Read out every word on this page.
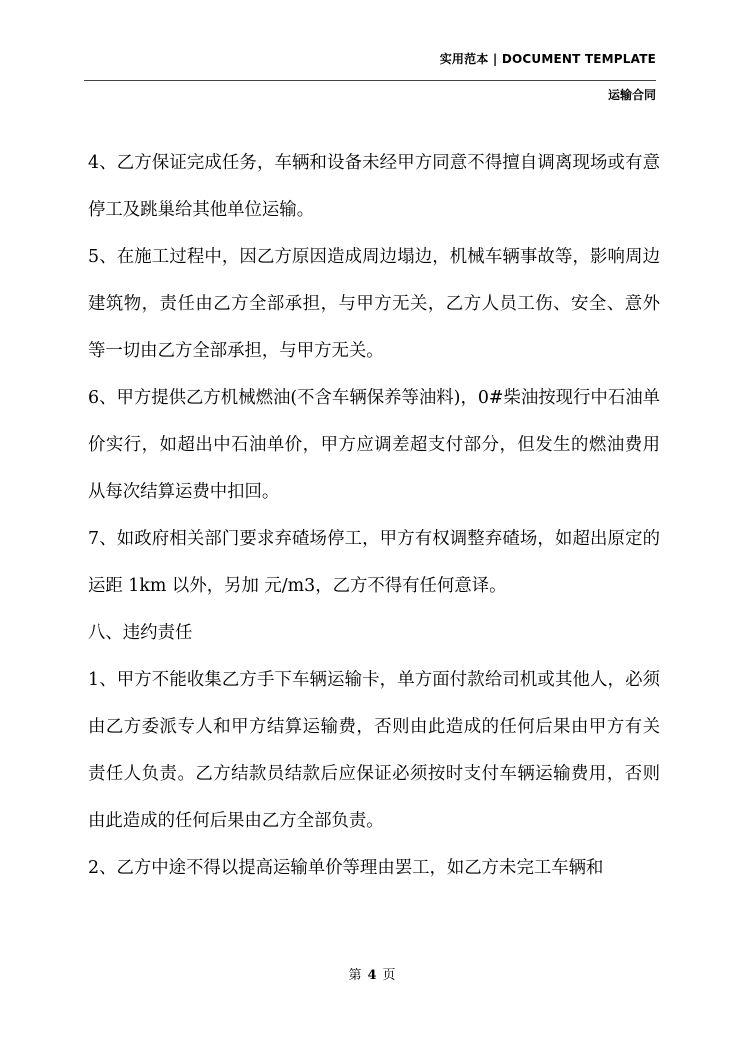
实用范本 | DOCUMENT TEMPLATE
运输合同

4、乙方保证完成任务，车辆和设备未经甲方同意不得擅自调离现场或有意停工及跳巢给其他单位运输。

5、在施工过程中，因乙方原因造成周边塌边，机械车辆事故等，影响周边建筑物，责任由乙方全部承担，与甲方无关，乙方人员工伤、安全、意外等一切由乙方全部承担，与甲方无关。

6、甲方提供乙方机械燃油(不含车辆保养等油料)，0#柴油按现行中石油单价实行，如超出中石油单价，甲方应调差超支付部分，但发生的燃油费用从每次结算运费中扣回。

7、如政府相关部门要求弃碴场停工，甲方有权调整弃碴场，如超出原定的运距 1km 以外，另加 元/m3，乙方不得有任何意译。

八、违约责任

1、甲方不能收集乙方手下车辆运输卡，单方面付款给司机或其他人，必须由乙方委派专人和甲方结算运输费，否则由此造成的任何后果由甲方有关责任人负责。乙方结款员结款后应保证必须按时支付车辆运输费用，否则由此造成的任何后果由乙方全部负责。

2、乙方中途不得以提高运输单价等理由罢工，如乙方未完工车辆和

第 4 页
